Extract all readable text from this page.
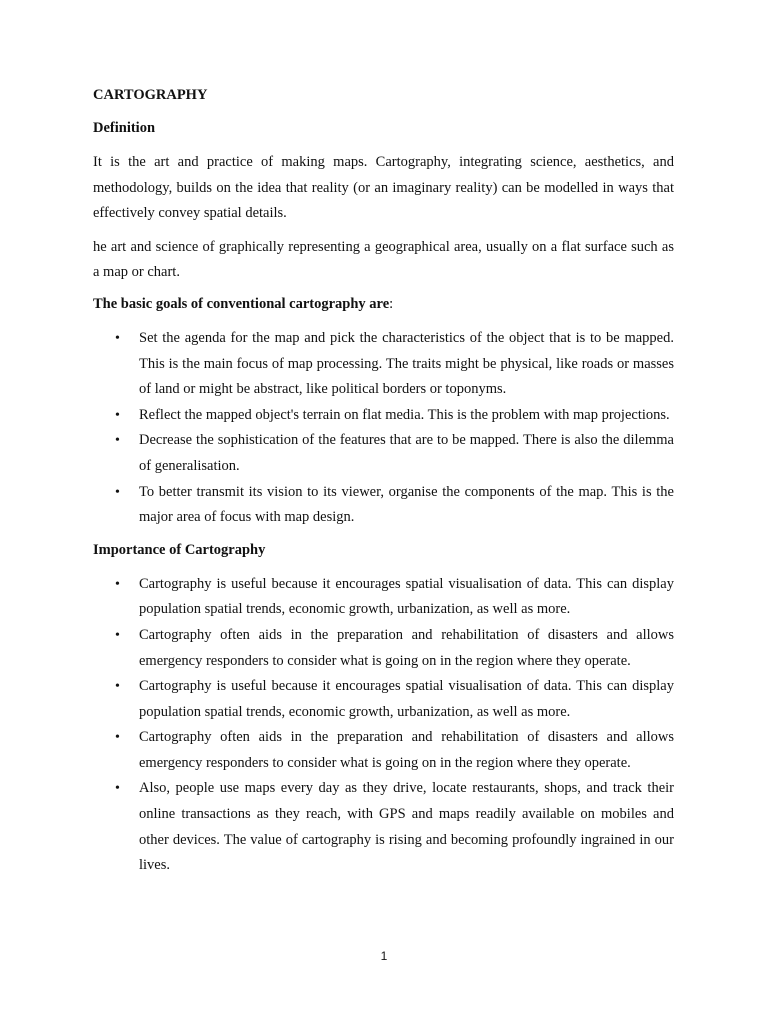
CARTOGRAPHY
Definition

It is the art and practice of making maps. Cartography, integrating science, aesthetics, and methodology, builds on the idea that reality (or an imaginary reality) can be modelled in ways that effectively convey spatial details.

he art and science of graphically representing a geographical area, usually on a flat surface such as a map or chart.

The basic goals of conventional cartography are:
• Set the agenda for the map and pick the characteristics of the object that is to be mapped. This is the main focus of map processing. The traits might be physical, like roads or masses of land or might be abstract, like political borders or toponyms.
• Reflect the mapped object's terrain on flat media. This is the problem with map projections.
• Decrease the sophistication of the features that are to be mapped. There is also the dilemma of generalisation.
• To better transmit its vision to its viewer, organise the components of the map. This is the major area of focus with map design.
Importance of Cartography
• Cartography is useful because it encourages spatial visualisation of data. This can display population spatial trends, economic growth, urbanization, as well as more.
• Cartography often aids in the preparation and rehabilitation of disasters and allows emergency responders to consider what is going on in the region where they operate.
• Cartography is useful because it encourages spatial visualisation of data. This can display population spatial trends, economic growth, urbanization, as well as more.
• Cartography often aids in the preparation and rehabilitation of disasters and allows emergency responders to consider what is going on in the region where they operate.
• Also, people use maps every day as they drive, locate restaurants, shops, and track their online transactions as they reach, with GPS and maps readily available on mobiles and other devices. The value of cartography is rising and becoming profoundly ingrained in our lives.
1
